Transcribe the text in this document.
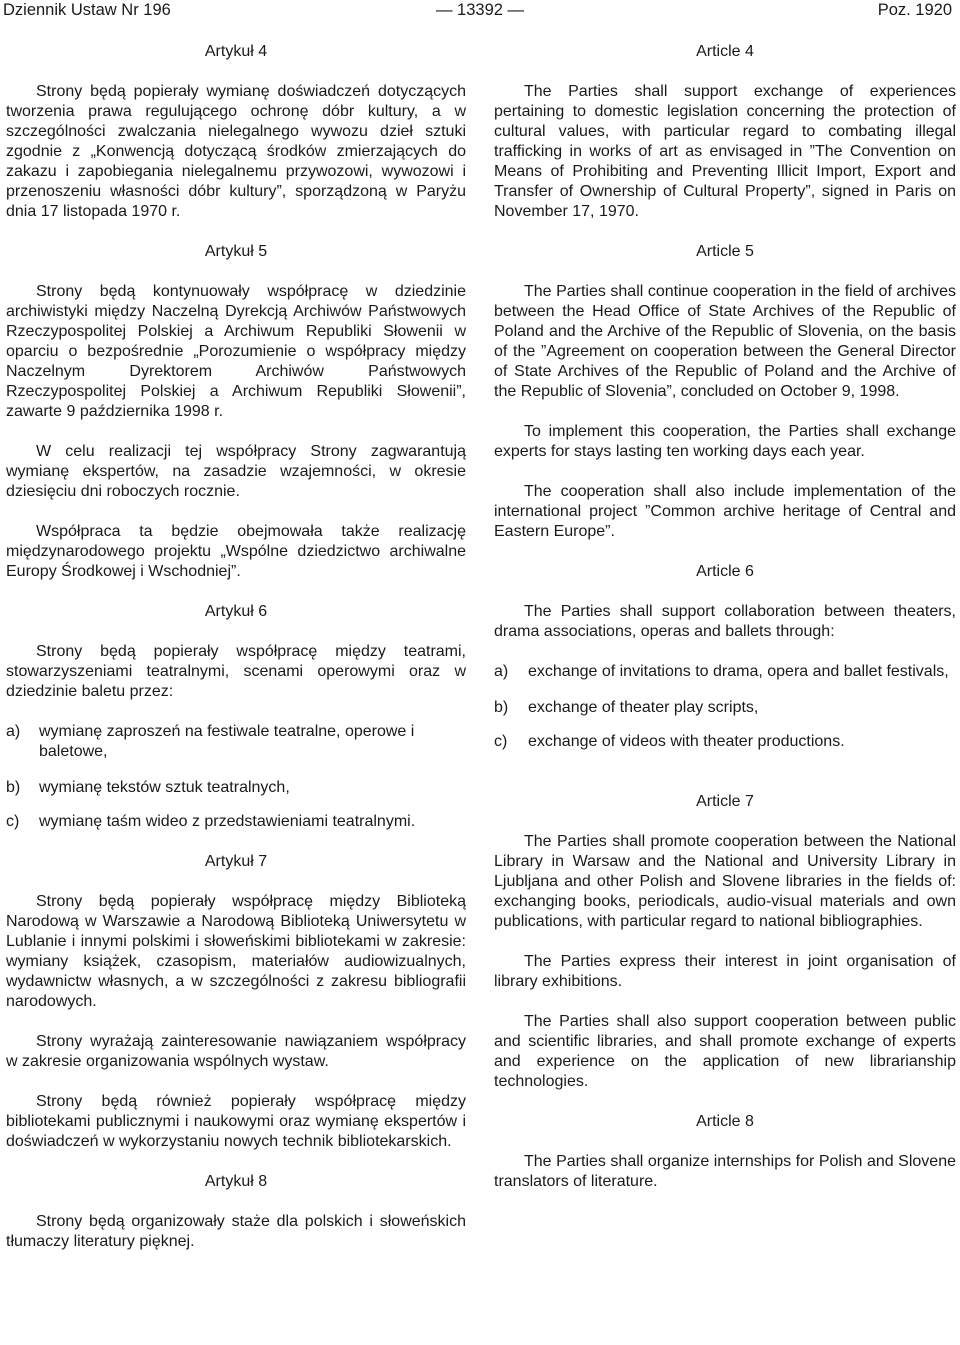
Dziennik Ustaw Nr 196	— 13392 —	Poz. 1920
Artykuł 4

Strony będą popierały wymianę doświadczeń dotyczących tworzenia prawa regulującego ochronę dóbr kultury, a w szczególności zwalczania nielegalnego wywozu dzieł sztuki zgodnie z „Konwencją dotyczącą środków zmierzających do zakazu i zapobiegania nielegalnemu przywozowi, wywozowi i przenoszeniu własności dóbr kultury”, sporządzoną w Paryżu dnia 17 listopada 1970 r.

Artykuł 5

Strony będą kontynuowały współpracę w dziedzinie archiwistyki między Naczelną Dyrekcją Archiwów Państwowych Rzeczypospolitej Polskiej a Archiwum Republiki Słowenii w oparciu o bezpośrednie „Porozumienie o współpracy między Naczelnym Dyrektorem Archiwów Państwowych Rzeczypospolitej Polskiej a Archiwum Republiki Słowenii”, zawarte 9 października 1998 r.

W celu realizacji tej współpracy Strony zagwarantują wymianę ekspertów, na zasadzie wzajemności, w okresie dziesięciu dni roboczych rocznie.

Współpraca ta będzie obejmowała także realizację międzynarodowego projektu „Wspólne dziedzictwo archiwalne Europy Środkowej i Wschodniej”.

Artykuł 6

Strony będą popierały współpracę między teatrami, stowarzyszeniami teatralnymi, scenami operowymi oraz w dziedzinie baletu przez:

a) wymianę zaproszeń na festiwale teatralne, operowe i baletowe,
b) wymianę tekstów sztuk teatralnych,
c) wymianę taśm wideo z przedstawieniami teatralnymi.
Artykuł 7

Strony będą popierały współpracę między Biblioteką Narodową w Warszawie a Narodową Biblioteką Uniwersytetu w Lublanie i innymi polskimi i słoweńskimi bibliotekami w zakresie: wymiany książek, czasopism, materiałów audiowizualnych, wydawnictw własnych, a w szczególności z zakresu bibliografii narodowych.

Strony wyrażają zainteresowanie nawiązaniem współpracy w zakresie organizowania wspólnych wystaw.

Strony będą również popierały współpracę między bibliotekami publicznymi i naukowymi oraz wymianę ekspertów i doświadczeń w wykorzystaniu nowych technik bibliotekarskich.

Artykuł 8

Strony będą organizowały staże dla polskich i słoweńskich tłumaczy literatury pięknej.

Article 4

The Parties shall support exchange of experiences pertaining to domestic legislation concerning the protection of cultural values, with particular regard to combating illegal trafficking in works of art as envisaged in ”The Convention on Means of Prohibiting and Preventing Illicit Import, Export and Transfer of Ownership of Cultural Property”, signed in Paris on November 17, 1970.

Article 5

The Parties shall continue cooperation in the field of archives between the Head Office of State Archives of the Republic of Poland and the Archive of the Republic of Slovenia, on the basis of the ”Agreement on cooperation between the General Director of State Archives of the Republic of Poland and the Archive of the Republic of Slovenia”, concluded on October 9, 1998.

To implement this cooperation, the Parties shall exchange experts for stays lasting ten working days each year.

The cooperation shall also include implementation of the international project ”Common archive heritage of Central and Eastern Europe”.

Article 6

The Parties shall support collaboration between theaters, drama associations, operas and ballets through:

a) exchange of invitations to drama, opera and ballet festivals,
b) exchange of theater play scripts,
c) exchange of videos with theater productions.
Article 7

The Parties shall promote cooperation between the National Library in Warsaw and the National and University Library in Ljubljana and other Polish and Slovene libraries in the fields of: exchanging books, periodicals, audio-visual materials and own publications, with particular regard to national bibliographies.

The Parties express their interest in joint organisation of library exhibitions.

The Parties shall also support cooperation between public and scientific libraries, and shall promote exchange of experts and experience on the application of new librarianship technologies.

Article 8

The Parties shall organize internships for Polish and Slovene translators of literature.
